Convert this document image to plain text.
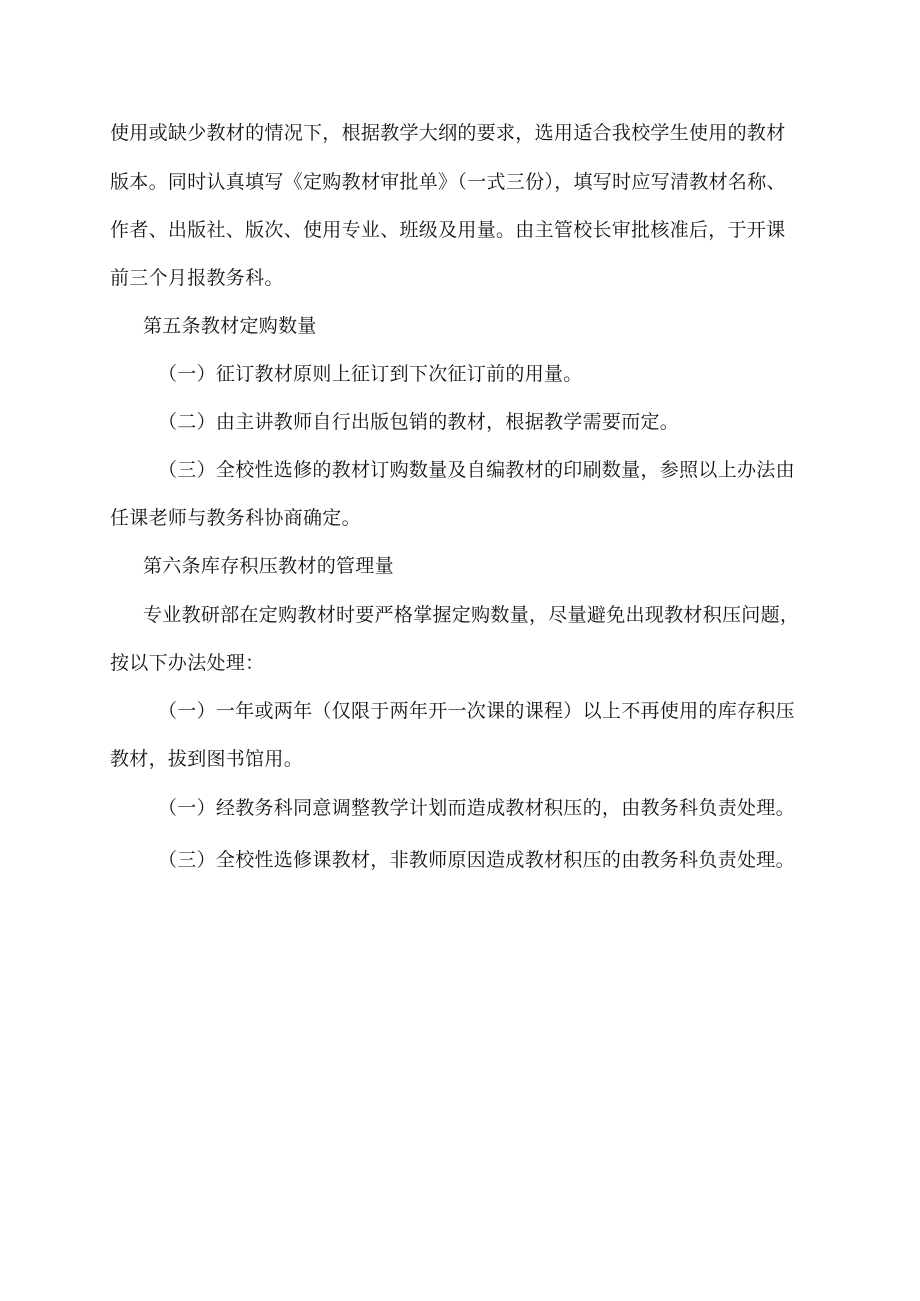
使用或缺少教材的情况下，根据教学大纲的要求，选用适合我校学生使用的教材
版本。同时认真填写《定购教材审批单》（一式三份），填写时应写清教材名称、
作者、出版社、版次、使用专业、班级及用量。由主管校长审批核准后，于开课
前三个月报教务科。
第五条教材定购数量
（一）征订教材原则上征订到下次征订前的用量。
（二）由主讲教师自行出版包销的教材，根据教学需要而定。
（三）全校性选修的教材订购数量及自编教材的印刷数量，参照以上办法由
任课老师与教务科协商确定。
第六条库存积压教材的管理量
专业教研部在定购教材时要严格掌握定购数量，尽量避免出现教材积压问题，
按以下办法处理：
（一）一年或两年（仅限于两年开一次课的课程）以上不再使用的库存积压
教材，拔到图书馆用。
（一）经教务科同意调整教学计划而造成教材积压的，由教务科负责处理。
（三）全校性选修课教材，非教师原因造成教材积压的由教务科负责处理。
